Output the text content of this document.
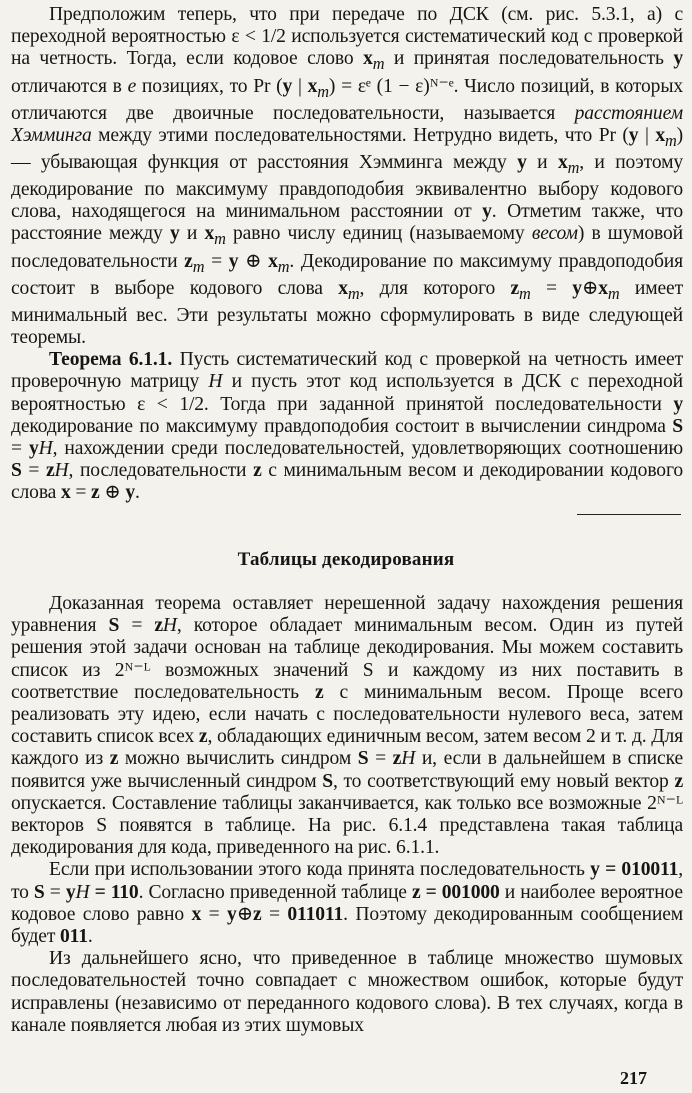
Предположим теперь, что при передаче по ДСК (см. рис. 5.3.1, а) с переходной вероятностью ε < 1/2 используется систематический код с проверкой на четность. Тогда, если кодовое слово $x_m$ и принятая последовательность y отличаются в e позициях, то Pr (y | $x_m$) = εᵉ (1 − ε)ᴺ⁻ᵉ. Число позиций, в которых отличаются две двоичные последовательности, называется расстоянием Хэмминга между этими последовательностями. Нетрудно видеть, что Pr (y | $x_m$) — убывающая функция от расстояния Хэмминга между y и $x_m$, и поэтому декодирование по максимуму правдоподобия эквивалентно выбору кодового слова, находящегося на минимальном расстоянии от y. Отметим также, что расстояние между y и $x_m$ равно числу единиц (называемому весом) в шумовой последовательности $z_m = y$ ⊕ $x_m$. Декодирование по максимуму правдоподобия состоит в выборе кодового слова $x_m$, для которого $z_m$ = $y\oplus x_m$ имеет минимальный вес. Эти результаты можно сформулировать в виде следующей теоремы.

Теорема 6.1.1. Пусть систематический код с проверкой на четность имеет проверочную матрицу H и пусть этот код используется в ДСК с переходной вероятностью ε < 1/2. Тогда при заданной принятой последовательности y декодирование по максимуму правдоподобия состоит в вычислении синдрома S = yH, нахождении среди последовательностей, удовлетворяющих соотношению S = zH, последовательности z с минимальным весом и декодировании кодового слова x = z ⊕ y.

Таблицы декодирования

Доказанная теорема оставляет нерешенной задачу нахождения решения уравнения S = zH, которое обладает минимальным весом. Один из путей решения этой задачи основан на таблице декодирования. Мы можем составить список из 2ᴺ⁻ᴸ возможных значений S и каждому из них поставить в соответствие последовательность z с минимальным весом. Проще всего реализовать эту идею, если начать с последовательности нулевого веса, затем составить список всех z, обладающих единичным весом, затем весом 2 и т. д. Для каждого из z можно вычислить синдром S = zH и, если в дальнейшем в списке появится уже вычисленный синдром S, то соответствующий ему новый вектор z опускается. Составление таблицы заканчивается, как только все возможные 2ᴺ⁻ᴸ векторов S появятся в таблице. На рис. 6.1.4 представлена такая таблица декодирования для кода, приведенного на рис. 6.1.1.

Если при использовании этого кода принята последовательность y = 010011, то S = yH = 110. Согласно приведенной таблице z = 001000 и наиболее вероятное кодовое слово равно x = y⊕z = 011011. Поэтому декодированным сообщением будет 011.

Из дальнейшего ясно, что приведенное в таблице множество шумовых последовательностей точно совпадает с множеством ошибок, которые будут исправлены (независимо от переданного кодового слова). В тех случаях, когда в канале появляется любая из этих шумовых

217
